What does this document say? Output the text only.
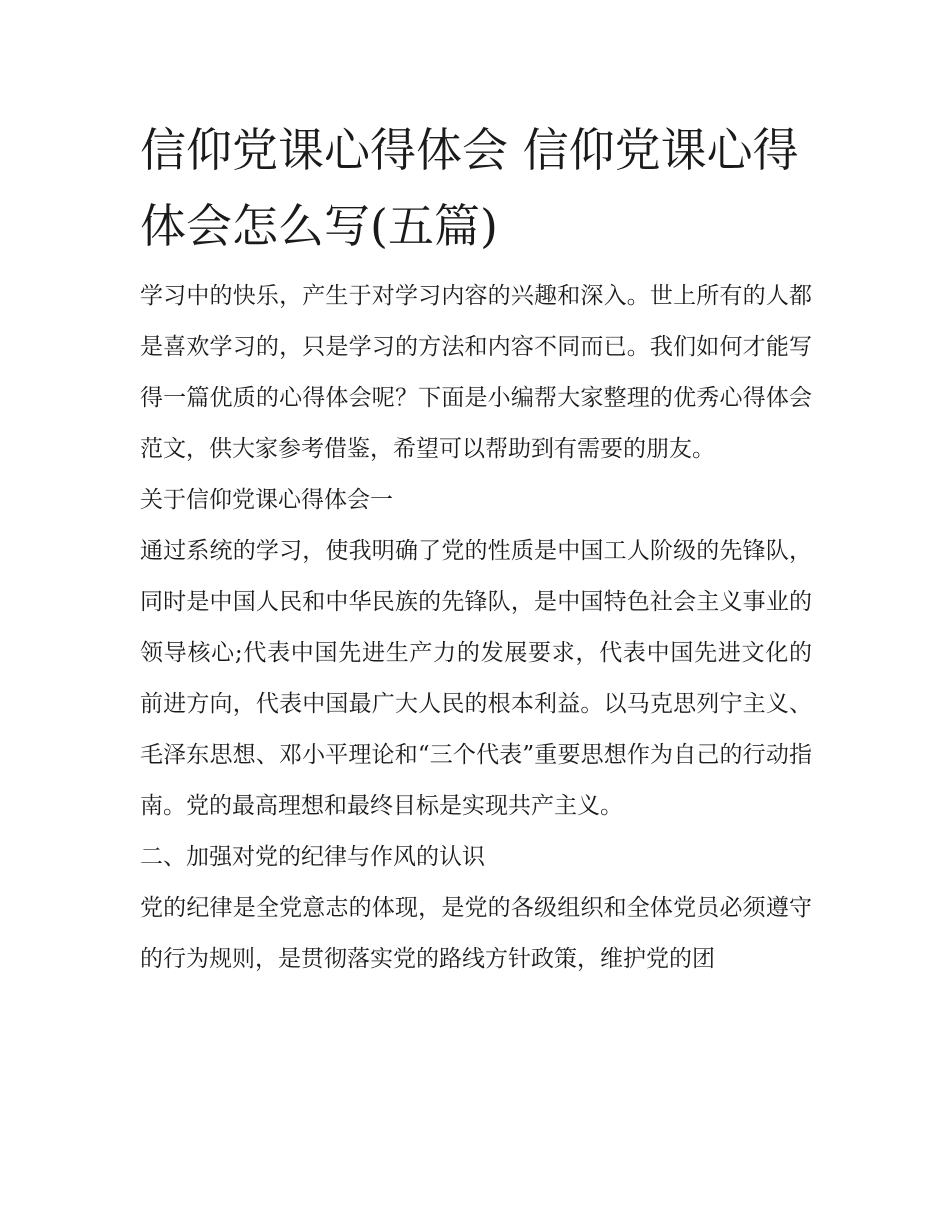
信仰党课心得体会 信仰党课心得体会怎么写(五篇)

学习中的快乐，产生于对学习内容的兴趣和深入。世上所有的人都是喜欢学习的，只是学习的方法和内容不同而已。我们如何才能写得一篇优质的心得体会呢？下面是小编帮大家整理的优秀心得体会范文，供大家参考借鉴，希望可以帮助到有需要的朋友。

关于信仰党课心得体会一

通过系统的学习，使我明确了党的性质是中国工人阶级的先锋队，同时是中国人民和中华民族的先锋队，是中国特色社会主义事业的领导核心;代表中国先进生产力的发展要求，代表中国先进文化的前进方向，代表中国最广大人民的根本利益。以马克思列宁主义、毛泽东思想、邓小平理论和“三个代表”重要思想作为自己的行动指南。党的最高理想和最终目标是实现共产主义。

二、加强对党的纪律与作风的认识

党的纪律是全党意志的体现，是党的各级组织和全体党员必须遵守的行为规则，是贯彻落实党的路线方针政策，维护党的团
